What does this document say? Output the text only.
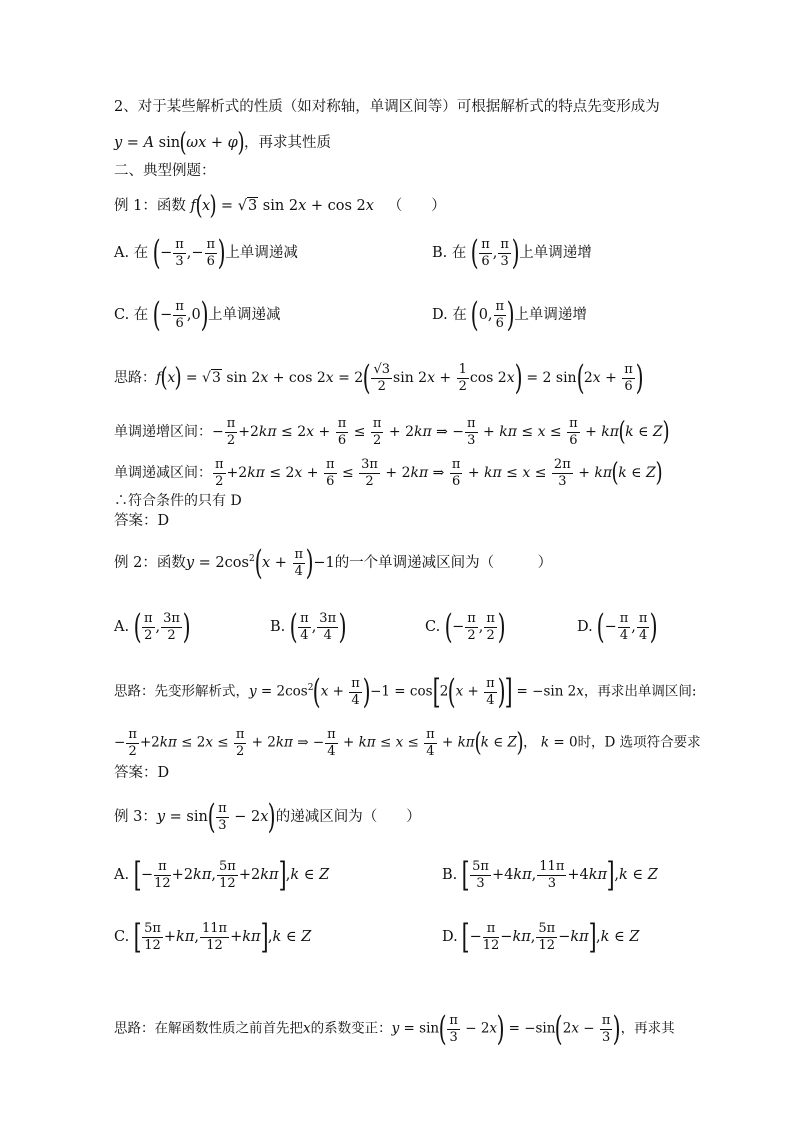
2、对于某些解析式的性质（如对称轴，单调区间等）可根据解析式的特点先变形成为
y = A sin(ωx + φ)，再求其性质
二、典型例题：
例 1：函数 f(x) = √3 sin 2x + cos 2x （　　）
A. 在 (− $\frac{\pi}{3}$ ,− $\frac{\pi}{6}$ )上单调递减	B. 在 ( $\frac{\pi}{6}$ , $\frac{\pi}{3}$ )上单调递增
C. 在 (− $\frac{\pi}{6} ,0$)上单调递减	D. 在 (0, $\frac{\pi}{6}$ )上单调递增
思路：f(x) = √3 $\sin 2x + \cos 2x = 2( \frac{√3}{2}$ $\sin 2x + \frac{1}{2}$ cos 2x) = 2 $\sin(2x + \frac{\pi}{6}$ )
单调递增区间：− $\frac{\pi}{2} +2k\pi \le 2x + \frac{\pi}{6} \le \frac{\pi}{2} + 2k\pi$ ⇒ − $\frac{\pi}{3} + k\pi \le x \le \frac{\pi}{6} + k\pi(k$ ∈ Z)
单调递减区间： $\frac{\pi}{2} +2k\pi \le 2x + \frac{\pi}{6} \le \frac{3\pi}{2} + 2k\pi$ ⇒ $\frac{\pi}{6} + k\pi \le x \le \frac{2\pi}{3} + k\pi(k$ ∈ Z)
∴符合条件的只有 D
答案：D
例 2：函数$y = 2\cos^2(x + \frac{\pi}{4} )-1$的一个单调递减区间为（　　　）
A. ( $\frac{\pi}{2}$ , $\frac{3\pi}{2}$ )	B. ( $\frac{\pi}{4}$ , $\frac{3\pi}{4}$ )	C. (− $\frac{\pi}{2}$ , $\frac{\pi}{2}$ )	D. (− $\frac{\pi}{4}$ , $\frac{\pi}{4}$ )
思路：先变形解析式，$y = 2\cos^2(x + \frac{\pi}{4} )-1 = \cos[2(x + \frac{\pi}{4}$ )] = −sin 2x，再求出单调区间:
− $\frac{\pi}{2} +2k\pi \le 2x \le \frac{\pi}{2} + 2k\pi$ ⇒ − $\frac{\pi}{4} + k\pi \le x \le \frac{\pi}{4} + k\pi(k$ ∈ Z)， k = 0时，D 选项符合要求
答案：D
例 3：$y = \sin( \frac{\pi}{3} - 2x)$的递减区间为（　　）
A. [− $\frac{\pi}{12} +2k\pi$, $\frac{5\pi}{12} +2k\pi],k$ ∈ Z	B. [ $\frac{5\pi}{3} +4k\pi$, $\frac{11\pi}{3} +4k\pi],k$ ∈ Z
C. [ $\frac{5\pi}{12} +k\pi$, $\frac{11\pi}{12} +k\pi],k$ ∈ Z	D. [− $\frac{\pi}{12} -k\pi$, $\frac{5\pi}{12} -k\pi],k$ ∈ Z
思路：在解函数性质之前首先把x的系数变正：$y = \sin( \frac{\pi}{3} - 2x) = -\sin(2x - \frac{\pi}{3}$ )，再求其
